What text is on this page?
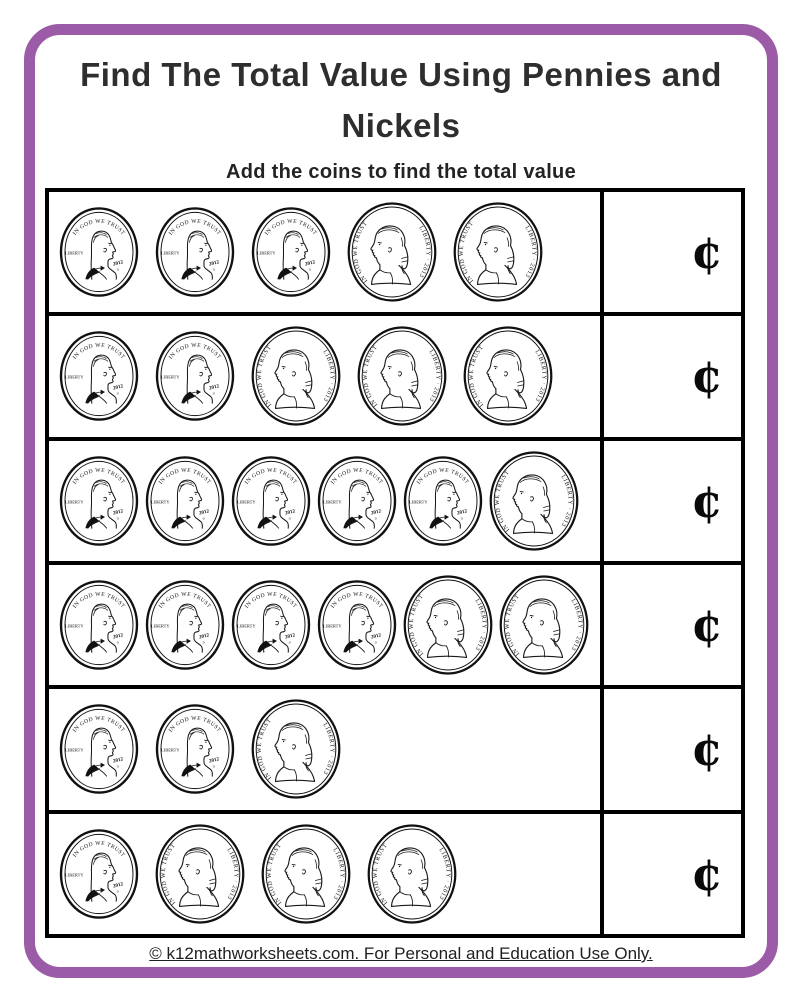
Find The Total Value Using Pennies and Nickels
Add the coins to find the total value
IN GOD WE TRUST
LIBERTY
2012
D
IN GOD WE TRUST
LIBERTY
2012
D
IN GOD WE TRUST
LIBERTY
2012
D
IN GOD WE TRUST
LIBERTY · 2013
IN GOD WE TRUST
LIBERTY · 2013	¢
IN GOD WE TRUST
LIBERTY
2012
D
IN GOD WE TRUST
LIBERTY
2012
D
IN GOD WE TRUST
LIBERTY · 2013
IN GOD WE TRUST
LIBERTY · 2013
IN GOD WE TRUST
LIBERTY · 2013	¢
IN GOD WE TRUST
LIBERTY
2012
D
IN GOD WE TRUST
LIBERTY
2012
D
IN GOD WE TRUST
LIBERTY
2012
D
IN GOD WE TRUST
LIBERTY
2012
D
IN GOD WE TRUST
LIBERTY
2012
D
IN GOD WE TRUST
LIBERTY · 2013	¢
IN GOD WE TRUST
LIBERTY
2012
D
IN GOD WE TRUST
LIBERTY
2012
D
IN GOD WE TRUST
LIBERTY
2012
D
IN GOD WE TRUST
LIBERTY
2012
D
IN GOD WE TRUST
LIBERTY · 2013
IN GOD WE TRUST
LIBERTY · 2013 ¢
IN GOD WE TRUST
LIBERTY
2012
D
IN GOD WE TRUST
LIBERTY
2012
D
IN GOD WE TRUST
LIBERTY · 2013	¢
IN GOD WE TRUST
LIBERTY
2012
D
IN GOD WE TRUST
LIBERTY · 2013
IN GOD WE TRUST
LIBERTY · 2013
IN GOD WE TRUST
LIBERTY · 2013	¢
© k12mathworksheets.com. For Personal and Education Use Only.
